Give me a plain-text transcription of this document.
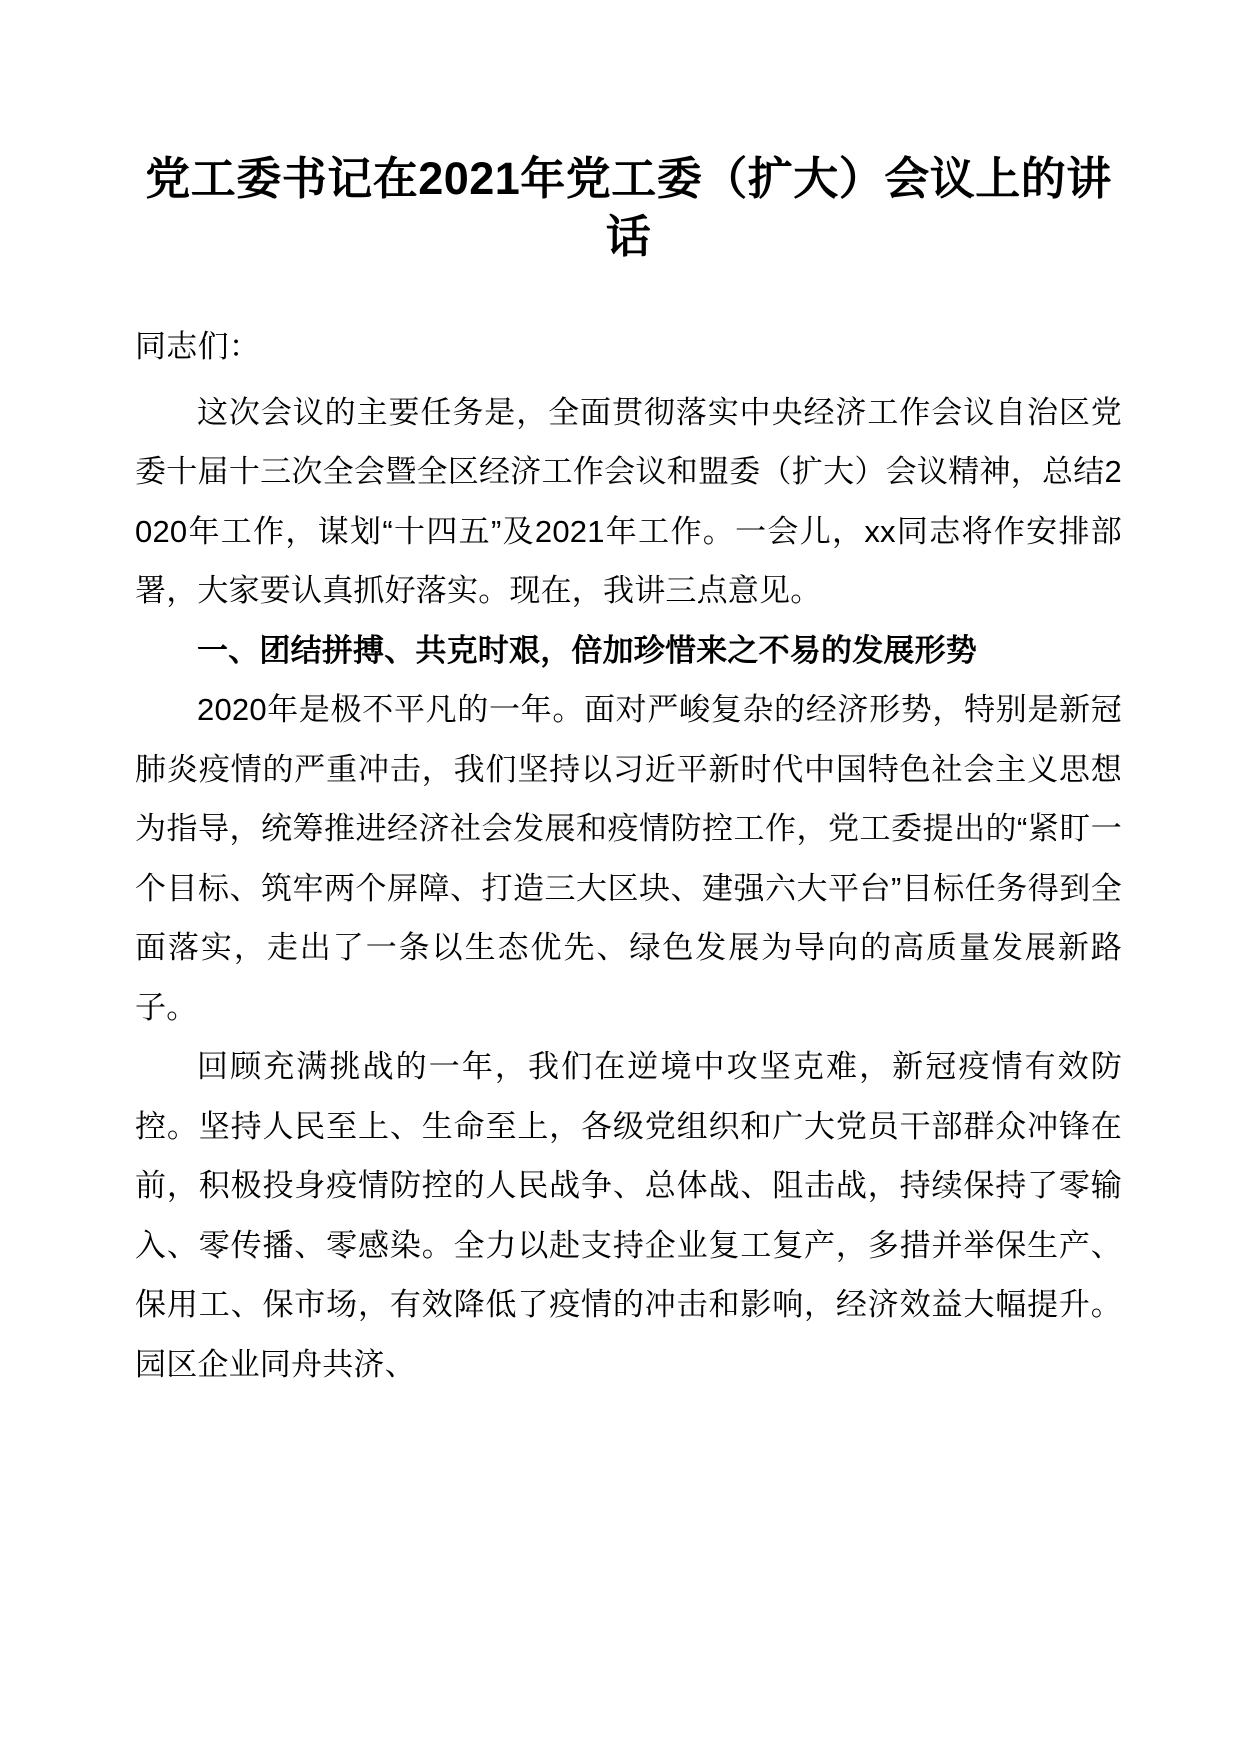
党工委书记在2021年党工委（扩大）会议上的讲话

同志们：

这次会议的主要任务是，全面贯彻落实中央经济工作会议自治区党委十届十三次全会暨全区经济工作会议和盟委（扩大）会议精神，总结2020年工作，谋划“十四五”及2021年工作。一会儿，xx同志将作安排部署，大家要认真抓好落实。现在，我讲三点意见。

一、团结拼搏、共克时艰，倍加珍惜来之不易的发展形势

2020年是极不平凡的一年。面对严峻复杂的经济形势，特别是新冠肺炎疫情的严重冲击，我们坚持以习近平新时代中国特色社会主义思想为指导，统筹推进经济社会发展和疫情防控工作，党工委提出的“紧盯一个目标、筑牢两个屏障、打造三大区块、建强六大平台”目标任务得到全面落实，走出了一条以生态优先、绿色发展为导向的高质量发展新路子。

回顾充满挑战的一年，我们在逆境中攻坚克难，新冠疫情有效防控。坚持人民至上、生命至上，各级党组织和广大党员干部群众冲锋在前，积极投身疫情防控的人民战争、总体战、阻击战，持续保持了零输入、零传播、零感染。全力以赴支持企业复工复产，多措并举保生产、保用工、保市场，有效降低了疫情的冲击和影响，经济效益大幅提升。园区企业同舟共济、
